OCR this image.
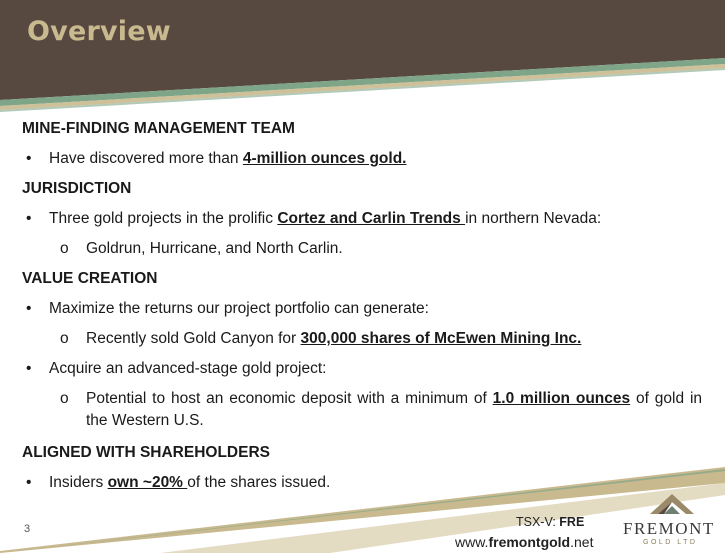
Overview
MINE-FINDING MANAGEMENT TEAM
• Have discovered more than 4-million ounces gold.
JURISDICTION
• Three gold projects in the prolific Cortez and Carlin Trends in northern Nevada:
o Goldrun, Hurricane, and North Carlin.
VALUE CREATION
• Maximize the returns our project portfolio can generate:
o Recently sold Gold Canyon for 300,000 shares of McEwen Mining Inc.
• Acquire an advanced-stage gold project:
o Potential to host an economic deposit with a minimum of 1.0 million ounces of gold in the Western U.S.
ALIGNED WITH SHAREHOLDERS
• Insiders own ~20% of the shares issued.
3	TSX-V: FRE
www.fremontgold.net
FREMONT
GOLD LTD
